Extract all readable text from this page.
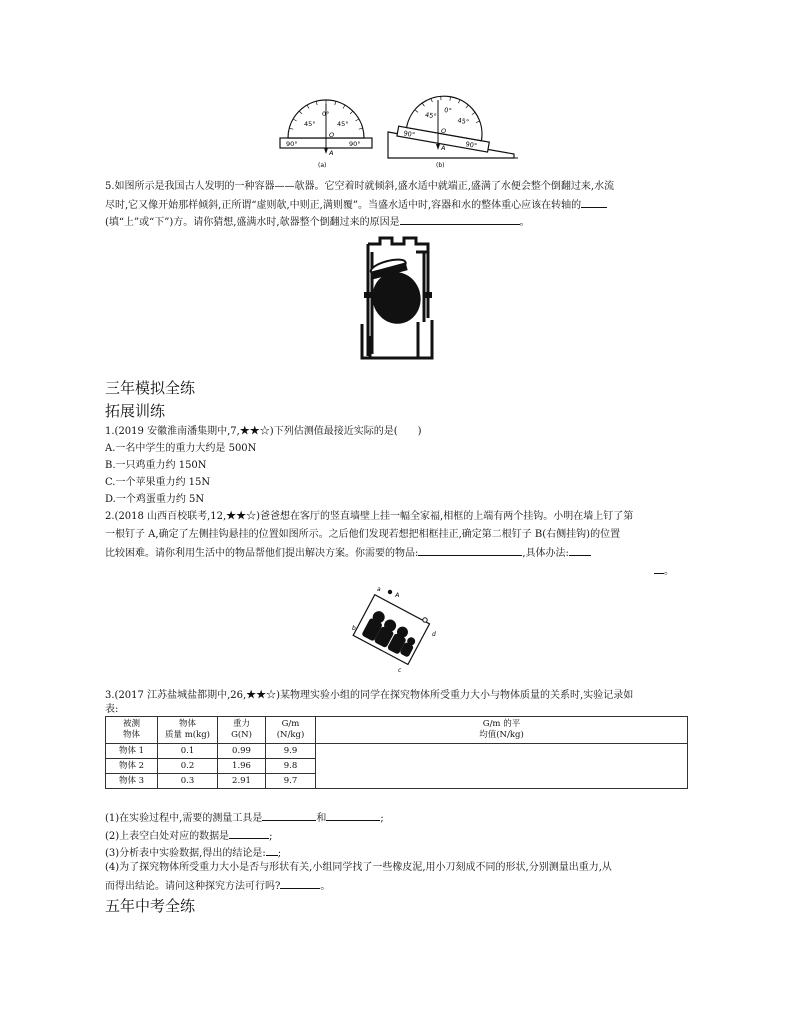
0°
45°	45°
90°	90°
O
A
(a)
0°
45°
45°
90°
90°
O
A
(b)
5.如图所示是我国古人发明的一种容器——欹器。它空着时就倾斜,盛水适中就端正,盛满了水便会整个倒翻过来,水流
尽时,它又像开始那样倾斜,正所谓“虚则欹,中则正,满则覆”。当盛水适中时,容器和水的整体重心应该在转轴的
(填“上”或“下”)方。请你猜想,盛满水时,欹器整个倒翻过来的原因是	。
三年模拟全练
拓展训练
1.(2019 安徽淮南潘集期中,7,★★☆)下列估测值最接近实际的是(　　)
A.一名中学生的重力大约是 500N
B.一只鸡重力约 150N
C.一个苹果重力约 15N
D.一个鸡蛋重力约 5N
2.(2018 山西百校联考,12,★★☆)爸爸想在客厅的竖直墙壁上挂一幅全家福,相框的上端有两个挂钩。小明在墙上钉了第
一根钉子 A,确定了左侧挂钩悬挂的位置如图所示。之后他们发现若想把相框挂正,确定第二根钉子 B(右侧挂钩)的位置
比较困难。请你利用生活中的物品帮他们提出解决方案。你需要的物品:	,具体办法:
。
a
A
b
d
c
3.(2017 江苏盐城盐都期中,26,★★☆)某物理实验小组的同学在探究物体所受重力大小与物体质量的关系时,实验记录如
表:
被测
物体	物体
质量 m(kg)	重力
G(N)	G/m
(N/kg)	G/m 的平
均值(N/kg)
物体 1	0.1	0.99	9.9	
物体 2	0.2	1.96	9.8	
物体 3	0.3	2.91	9.7	
(1)在实验过程中,需要的测量工具是	和	;
(2)上表空白处对应的数据是	;
(3)分析表中实验数据,得出的结论是: ;
(4)为了探究物体所受重力大小是否与形状有关,小组同学找了一些橡皮泥,用小刀刻成不同的形状,分别测量出重力,从
而得出结论。请问这种探究方法可行吗?	。
五年中考全练
